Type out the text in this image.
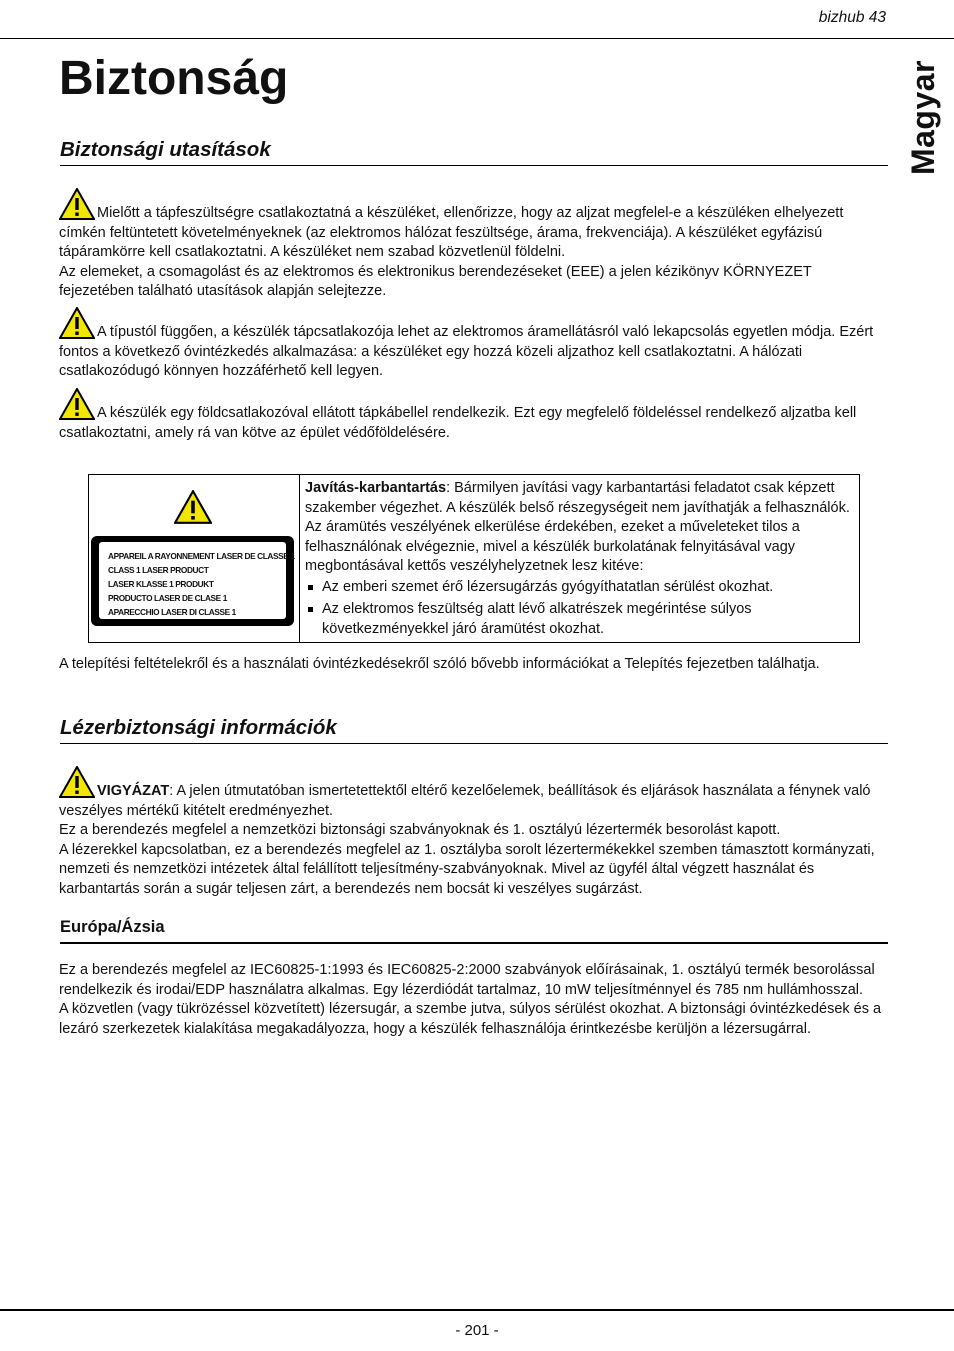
bizhub 43
Magyar
Biztonság
Biztonsági utasítások

Mielőtt a tápfeszültségre csatlakoztatná a készüléket, ellenőrizze, hogy az aljzat megfelel-e a készüléken elhelyezett címkén feltüntetett követelményeknek (az elektromos hálózat feszültsége, árama, frekvenciája). A készüléket egyfázisú tápáramkörre kell csatlakoztatni. A készüléket nem szabad közvetlenül földelni.

Az elemeket, a csomagolást és az elektromos és elektronikus berendezéseket (EEE) a jelen kézikönyv KÖRNYEZET fejezetében található utasítások alapján selejtezze.

A típustól függően, a készülék tápcsatlakozója lehet az elektromos áramellátásról való lekapcsolás egyetlen módja. Ezért fontos a következő óvintézkedés alkalmazása: a készüléket egy hozzá közeli aljzathoz kell csatlakoztatni. A hálózati csatlakozódugó könnyen hozzáférhető kell legyen.

A készülék egy földcsatlakozóval ellátott tápkábellel rendelkezik. Ezt egy megfelelő földeléssel rendelkező aljzatba kell csatlakoztatni, amely rá van kötve az épület védőföldelésére.

APPAREIL A RAYONNEMENT LASER DE CLASSE 1
CLASS 1 LASER PRODUCT
LASER KLASSE 1 PRODUKT
PRODUCTO LASER DE CLASE 1
APARECCHIO LASER DI CLASSE 1

Javítás-karbantartás: Bármilyen javítási vagy karbantartási feladatot csak képzett szakember végezhet. A készülék belső részegységeit nem javíthatják a felhasználók. Az áramütés veszélyének elkerülése érdekében, ezeket a műveleteket tilos a felhasználónak elvégeznie, mivel a készülék burkolatának felnyitásával vagy megbontásával kettős veszélyhelyzetnek lesz kitéve:
Az emberi szemet érő lézersugárzás gyógyíthatatlan sérülést okozhat.
Az elektromos feszültség alatt lévő alkatrészek megérintése súlyos következményekkel járó áramütést okozhat.
A telepítési feltételekről és a használati óvintézkedésekről szóló bővebb információkat a Telepítés fejezetben találhatja.
Lézerbiztonsági információk

VIGYÁZAT: A jelen útmutatóban ismertetettektől eltérő kezelőelemek, beállítások és eljárások használata a fénynek való veszélyes mértékű kitételt eredményezhet.

Ez a berendezés megfelel a nemzetközi biztonsági szabványoknak és 1. osztályú lézertermék besorolást kapott.

A lézerekkel kapcsolatban, ez a berendezés megfelel az 1. osztályba sorolt lézertermékekkel szemben támasztott kormányzati, nemzeti és nemzetközi intézetek által felállított teljesítmény-szabványoknak. Mivel az ügyfél által végzett használat és karbantartás során a sugár teljesen zárt, a berendezés nem bocsát ki veszélyes sugárzást.

Európa/Ázsia

Ez a berendezés megfelel az IEC60825-1:1993 és IEC60825-2:2000 szabványok előírásainak, 1. osztályú termék besorolással rendelkezik és irodai/EDP használatra alkalmas. Egy lézerdiódát tartalmaz, 10 mW teljesítménnyel és 785 nm hullámhosszal.

A közvetlen (vagy tükrözéssel közvetített) lézersugár, a szembe jutva, súlyos sérülést okozhat. A biztonsági óvintézkedések és a lezáró szerkezetek kialakítása megakadályozza, hogy a készülék felhasználója érintkezésbe kerüljön a lézersugárral.

- 201 -
